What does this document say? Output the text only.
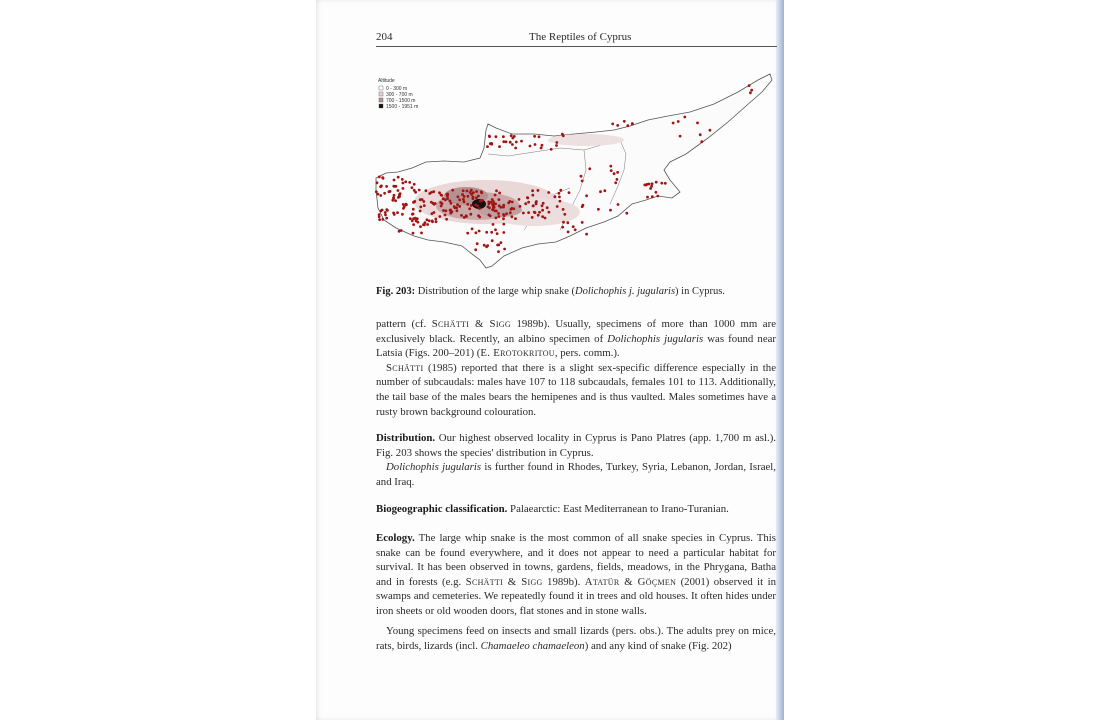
204	The Reptiles of Cyprus
Altitude
0 - 300 m
300 - 700 m
700 - 1500 m
1500 - 1951 m
Fig. 203: Distribution of the large whip snake (Dolichophis j. jugularis) in Cyprus.

pattern (cf. Schätti & Sigg 1989b). Usually, specimens of more than 1000 mm are exclusively black. Recently, an albino specimen of Dolichophis jugularis was found near Latsia (Figs. 200–201) (E. Erotokritou, pers. comm.).

Schätti (1985) reported that there is a slight sex-specific difference especially in the number of subcaudals: males have 107 to 118 subcaudals, females 101 to 113. Additionally, the tail base of the males bears the hemipenes and is thus vaulted. Males sometimes have a rusty brown background colouration.

Distribution. Our highest observed locality in Cyprus is Pano Platres (app. 1,700 m asl.). Fig. 203 shows the species' distribution in Cyprus.

Dolichophis jugularis is further found in Rhodes, Turkey, Syria, Lebanon, Jordan, Israel, and Iraq.

Biogeographic classification. Palaearctic: East Mediterranean to Irano-Turanian.

Ecology. The large whip snake is the most common of all snake species in Cyprus. This snake can be found everywhere, and it does not appear to need a particular habitat for survival. It has been observed in towns, gardens, fields, meadows, in the Phrygana, Batha and in forests (e.g. Schätti & Sigg 1989b). Atatür & Göçmen (2001) observed it in swamps and cemeteries. We repeatedly found it in trees and old houses. It often hides under iron sheets or old wooden doors, flat stones and in stone walls.

Young specimens feed on insects and small lizards (pers. obs.). The adults prey on mice, rats, birds, lizards (incl. Chamaeleo chamaeleon) and any kind of snake (Fig. 202)
